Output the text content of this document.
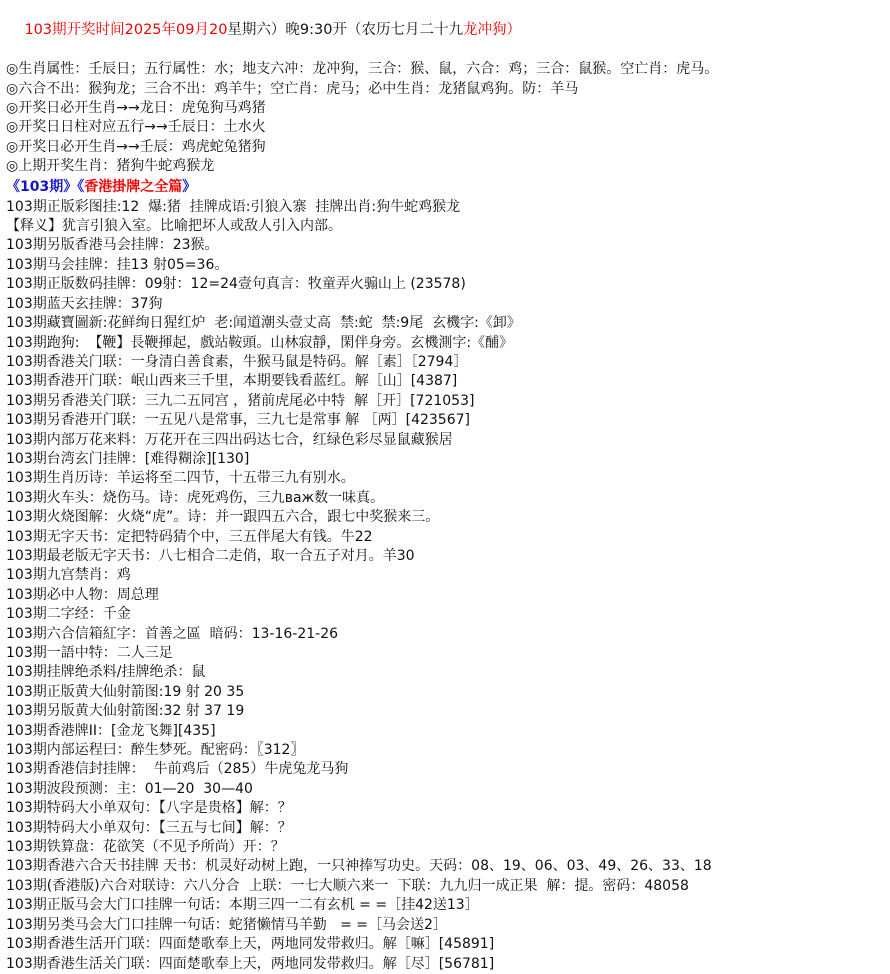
103期开奖时间2025年09月20星期六）晚9:30开（农历七月二十九龙冲狗）

◎生肖属性：壬辰日；五行属性：水；地支六冲：龙冲狗，三合：猴、鼠，六合：鸡；三合：鼠猴。空亡肖：虎马。
◎六合不出：猴狗龙；三合不出：鸡羊牛；空亡肖：虎马；必中生肖：龙猪鼠鸡狗。防：羊马
◎开奖日必开生肖→→龙日：虎兔狗马鸡猪
◎开奖日日柱对应五行→→壬辰日：土水火
◎开奖日必开生肖→→壬辰：鸡虎蛇兔猪狗
◎上期开奖生肖：猪狗牛蛇鸡猴龙
《103期》《香港掛牌之全篇》
103期正版彩图挂:12  爆:猪  挂牌成语:引狼入寨  挂牌出肖:狗牛蛇鸡猴龙
【释义】犹言引狼入室。比喻把坏人或敌人引入内部。
103期另版香港马会挂牌：23猴。
103期马会挂牌：挂13 射05=36。
103期正版数码挂牌：09射：12=24壹句真言：牧童弄火骟山上 (23578)
103期蓝天玄挂牌：37狗
103期藏寶圖新:花鲜绚日猩红炉  老:闻道潮头壹丈高  禁:蛇  禁:9尾  玄機字:《卸》
103期跑狗:  【鞭】長鞭揮起，戲站鞍頭。山林寂靜，閑伴身旁。玄機測字:《酺》
103期香港关门联：一身清白善食素，牛猴马鼠是特码。解［素］［2794］
103期香港开门联：岷山西来三千里，本期要钱看蓝红。解［山］[4387]
103期另香港关门联：三九二五同宫 ，猪前虎尾必中特  解［开］[721053]
103期另香港开门联：一五见八是常事，三九七是常事 解 ［两］[423567]
103期内部万花来料：万花开在三四出码达七合，红绿色彩尽显鼠藏猴居
103期台湾玄门挂牌：[难得糊涂][130]
103期生肖历诗：羊运将至二四节，十五带三九有别水。
103期火车头：烧伤马。诗：虎死鸡伤，三九важ数一味真。
103期火烧图解：火烧“虎”。诗：并一跟四五六合，跟七中奖猴来三。
103期无字天书：定把特码猜个中，三五伴尾大有钱。牛22
103期最老版无字天书：八七相合二走俏，取一合五子对月。羊30
103期九宫禁肖：鸡
103期必中人物：周总理
103期二字经：千金
103期六合信箱紅字：首善之區  暗码：13-16-21-26
103期一語中特：二人三足
103期挂牌绝杀料/挂牌绝杀：鼠
103期正版黄大仙射箭图:19 射 20 35
103期另版黄大仙射箭图:32 射 37 19
103期香港牌ⅠⅠ：[金龙飞舞][435]
103期内部运程曰：醉生梦死。配密码：〖312〗
103期香港信封挂牌：  牛前鸡后（285）牛虎兔龙马狗
103期波段预测：主：01—20  30—40
103期特码大小单双句：【八字是贵格】解：？
103期特码大小单双句：【三五与七间】解：？
103期铁算盘：花欲笑（不见予所尚）开：？
103期香港六合天书挂牌 天书：机灵好动树上跑，一只神捧写功史。天码：08、19、06、03、49、26、33、18
103期(香港版)六合对联诗：六八分合  上联：一七大顺六来一  下联：九九归一成正果  解：提。密码：48058
103期正版马会大门口挂牌一句话：本期三四一二有玄机 = =［挂42送13］
103期另类马会大门口挂牌一句话：蛇猪懒情马羊勤   = =［马会送2］
103期香港生活开门联：四面楚歌奉上天，两地同发带救归。解［嘛］[45891]
103期香港生活关门联：四面楚歌奉上天，两地同发带救归。解［尽］[56781]
